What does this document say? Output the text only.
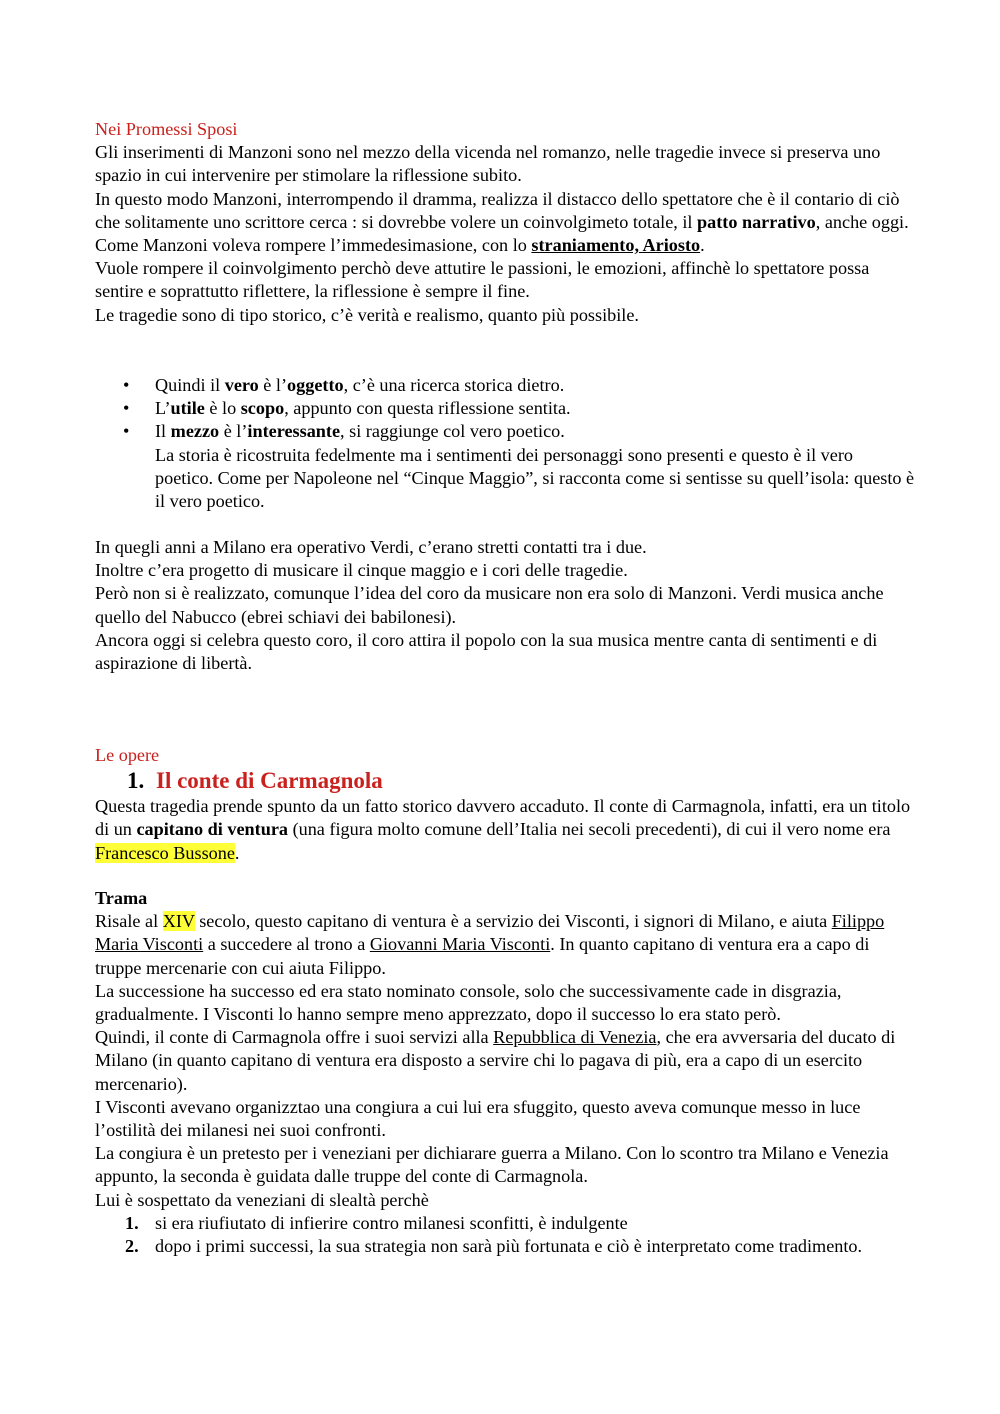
Nei Promessi Sposi

Gli inserimenti di Manzoni sono nel mezzo della vicenda nel romanzo, nelle tragedie invece si preserva uno spazio in cui intervenire per stimolare la riflessione subito.

In questo modo Manzoni, interrompendo il dramma, realizza il distacco dello spettatore che è il contario di ciò che solitamente uno scrittore cerca : si dovrebbe volere un coinvolgimeto totale, il patto narrativo, anche oggi.

Come Manzoni voleva rompere l’immedesimasione, con lo straniamento, Ariosto.

Vuole rompere il coinvolgimento perchò deve attutire le passioni, le emozioni, affinchè lo spettatore possa sentire e soprattutto riflettere, la riflessione è sempre il fine.

Le tragedie sono di tipo storico, c’è verità e realismo, quanto più possibile.

• Quindi il vero è l’oggetto, c’è una ricerca storica dietro.
• L’utile è lo scopo, appunto con questa riflessione sentita.
• Il mezzo è l’interessante, si raggiunge col vero poetico.
La storia è ricostruita fedelmente ma i sentimenti dei personaggi sono presenti e questo è il vero poetico. Come per Napoleone nel “Cinque Maggio”, si racconta come si sentisse su quell’isola: questo è il vero poetico.

In quegli anni a Milano era operativo Verdi, c’erano stretti contatti tra i due.

Inoltre c’era progetto di musicare il cinque maggio e i cori delle tragedie.

Però non si è realizzato, comunque l’idea del coro da musicare non era solo di Manzoni. Verdi musica anche quello del Nabucco (ebrei schiavi dei babilonesi).

Ancora oggi si celebra questo coro, il coro attira il popolo con la sua musica mentre canta di sentimenti e di aspirazione di libertà.

Le opere

1. Il conte di Carmagnola

Questa tragedia prende spunto da un fatto storico davvero accaduto. Il conte di Carmagnola, infatti, era un titolo di un capitano di ventura (una figura molto comune dell’Italia nei secoli precedenti), di cui il vero nome era Francesco Bussone.

Trama

Risale al XIV secolo, questo capitano di ventura è a servizio dei Visconti, i signori di Milano, e aiuta Filippo Maria Visconti a succedere al trono a Giovanni Maria Visconti. In quanto capitano di ventura era a capo di truppe mercenarie con cui aiuta Filippo.

La successione ha successo ed era stato nominato console, solo che successivamente cade in disgrazia, gradualmente. I Visconti lo hanno sempre meno apprezzato, dopo il successo lo era stato però.

Quindi, il conte di Carmagnola offre i suoi servizi alla Repubblica di Venezia, che era avversaria del ducato di Milano (in quanto capitano di ventura era disposto a servire chi lo pagava di più, era a capo di un esercito mercenario).

I Visconti avevano organizztao una congiura a cui lui era sfuggito, questo aveva comunque messo in luce l’ostilità dei milanesi nei suoi confronti.

La congiura è un pretesto per i veneziani per dichiarare guerra a Milano. Con lo scontro tra Milano e Venezia appunto, la seconda è guidata dalle truppe del conte di Carmagnola.

Lui è sospettato da veneziani di slealtà perchè

1. si era riufiutato di infierire contro milanesi sconfitti, è indulgente
2. dopo i primi successi, la sua strategia non sarà più fortunata e ciò è interpretato come tradimento.
